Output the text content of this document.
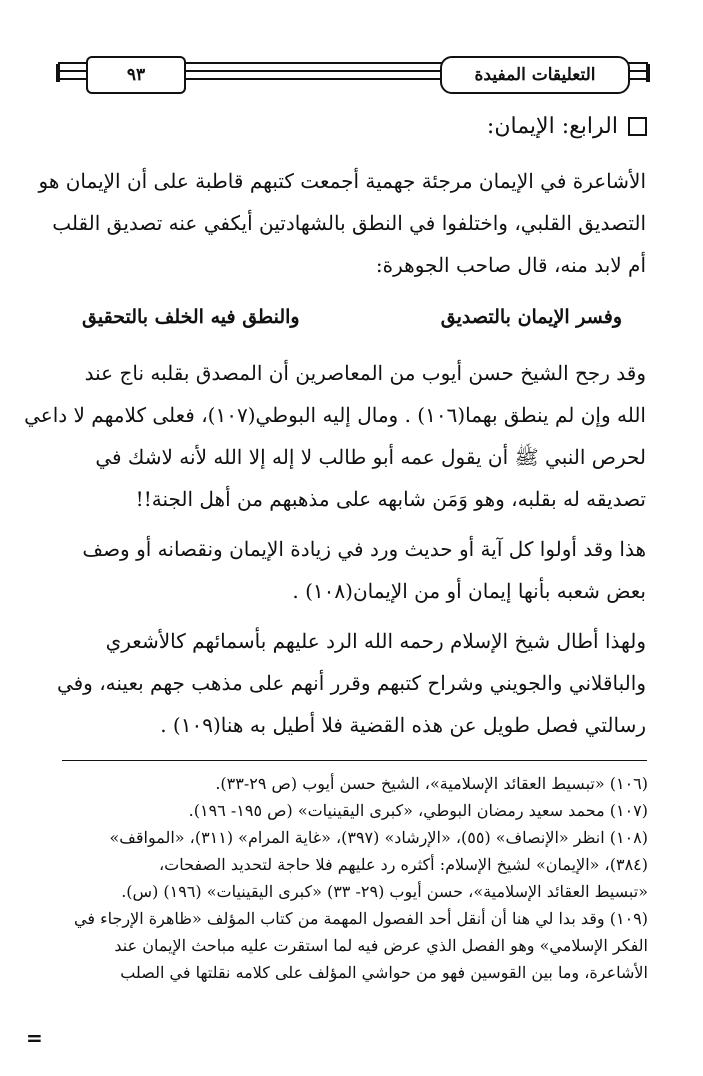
٩٣	التعليقات المفيدة
الرابع: الإيمان:
الأشاعرة في الإيمان مرجئة جهمية أجمعت كتبهم قاطبة على أن الإيمان هو
التصديق القلبي، واختلفوا في النطق بالشهادتين أيكفي عنه تصديق القلب
أم لابد منه، قال صاحب الجوهرة:
وفسر الإيمان بالتصديق
والنطق فيه الخلف بالتحقيق
وقد رجح الشيخ حسن أيوب من المعاصرين أن المصدق بقلبه ناج عند
الله وإن لم ينطق بهما(١٠٦) . ومال إليه البوطي(١٠٧)، فعلى كلامهم لا داعي
لحرص النبي ﷺ أن يقول عمه أبو طالب لا إله إلا الله لأنه لاشك في
تصديقه له بقلبه، وهو وَمَن شابهه على مذهبهم من أهل الجنة!!
هذا وقد أولوا كل آية أو حديث ورد في زيادة الإيمان ونقصانه أو وصف
بعض شعبه بأنها إيمان أو من الإيمان(١٠٨) .
ولهذا أطال شيخ الإسلام رحمه الله الرد عليهم بأسمائهم كالأشعري
والباقلاني والجويني وشراح كتبهم وقرر أنهم على مذهب جهم بعينه، وفي
رسالتي فصل طويل عن هذه القضية فلا أطيل به هنا(١٠٩) .
(١٠٦) «تبسيط العقائد الإسلامية»، الشيخ حسن أيوب (ص ٢٩-٣٣).
(١٠٧) محمد سعيد رمضان البوطي، «كبرى اليقينيات» (ص ١٩٥- ١٩٦).
(١٠٨) انظر «الإنصاف» (٥٥)، «الإرشاد» (٣٩٧)، «غاية المرام» (٣١١)، «المواقف»
(٣٨٤)، «الإيمان» لشيخ الإسلام: أكثره رد عليهم فلا حاجة لتحديد الصفحات،
«تبسيط العقائد الإسلامية»، حسن أيوب (٢٩- ٣٣) «كبرى اليقينيات» (١٩٦) (س).
(١٠٩) وقد بدا لي هنا أن أنقل أحد الفصول المهمة من كتاب المؤلف «ظاهرة الإرجاء في
الفكر الإسلامي» وهو الفصل الذي عرض فيه لما استقرت عليه مباحث الإيمان عند
الأشاعرة، وما بين القوسين فهو من حواشي المؤلف على كلامه نقلتها في الصلب
=
